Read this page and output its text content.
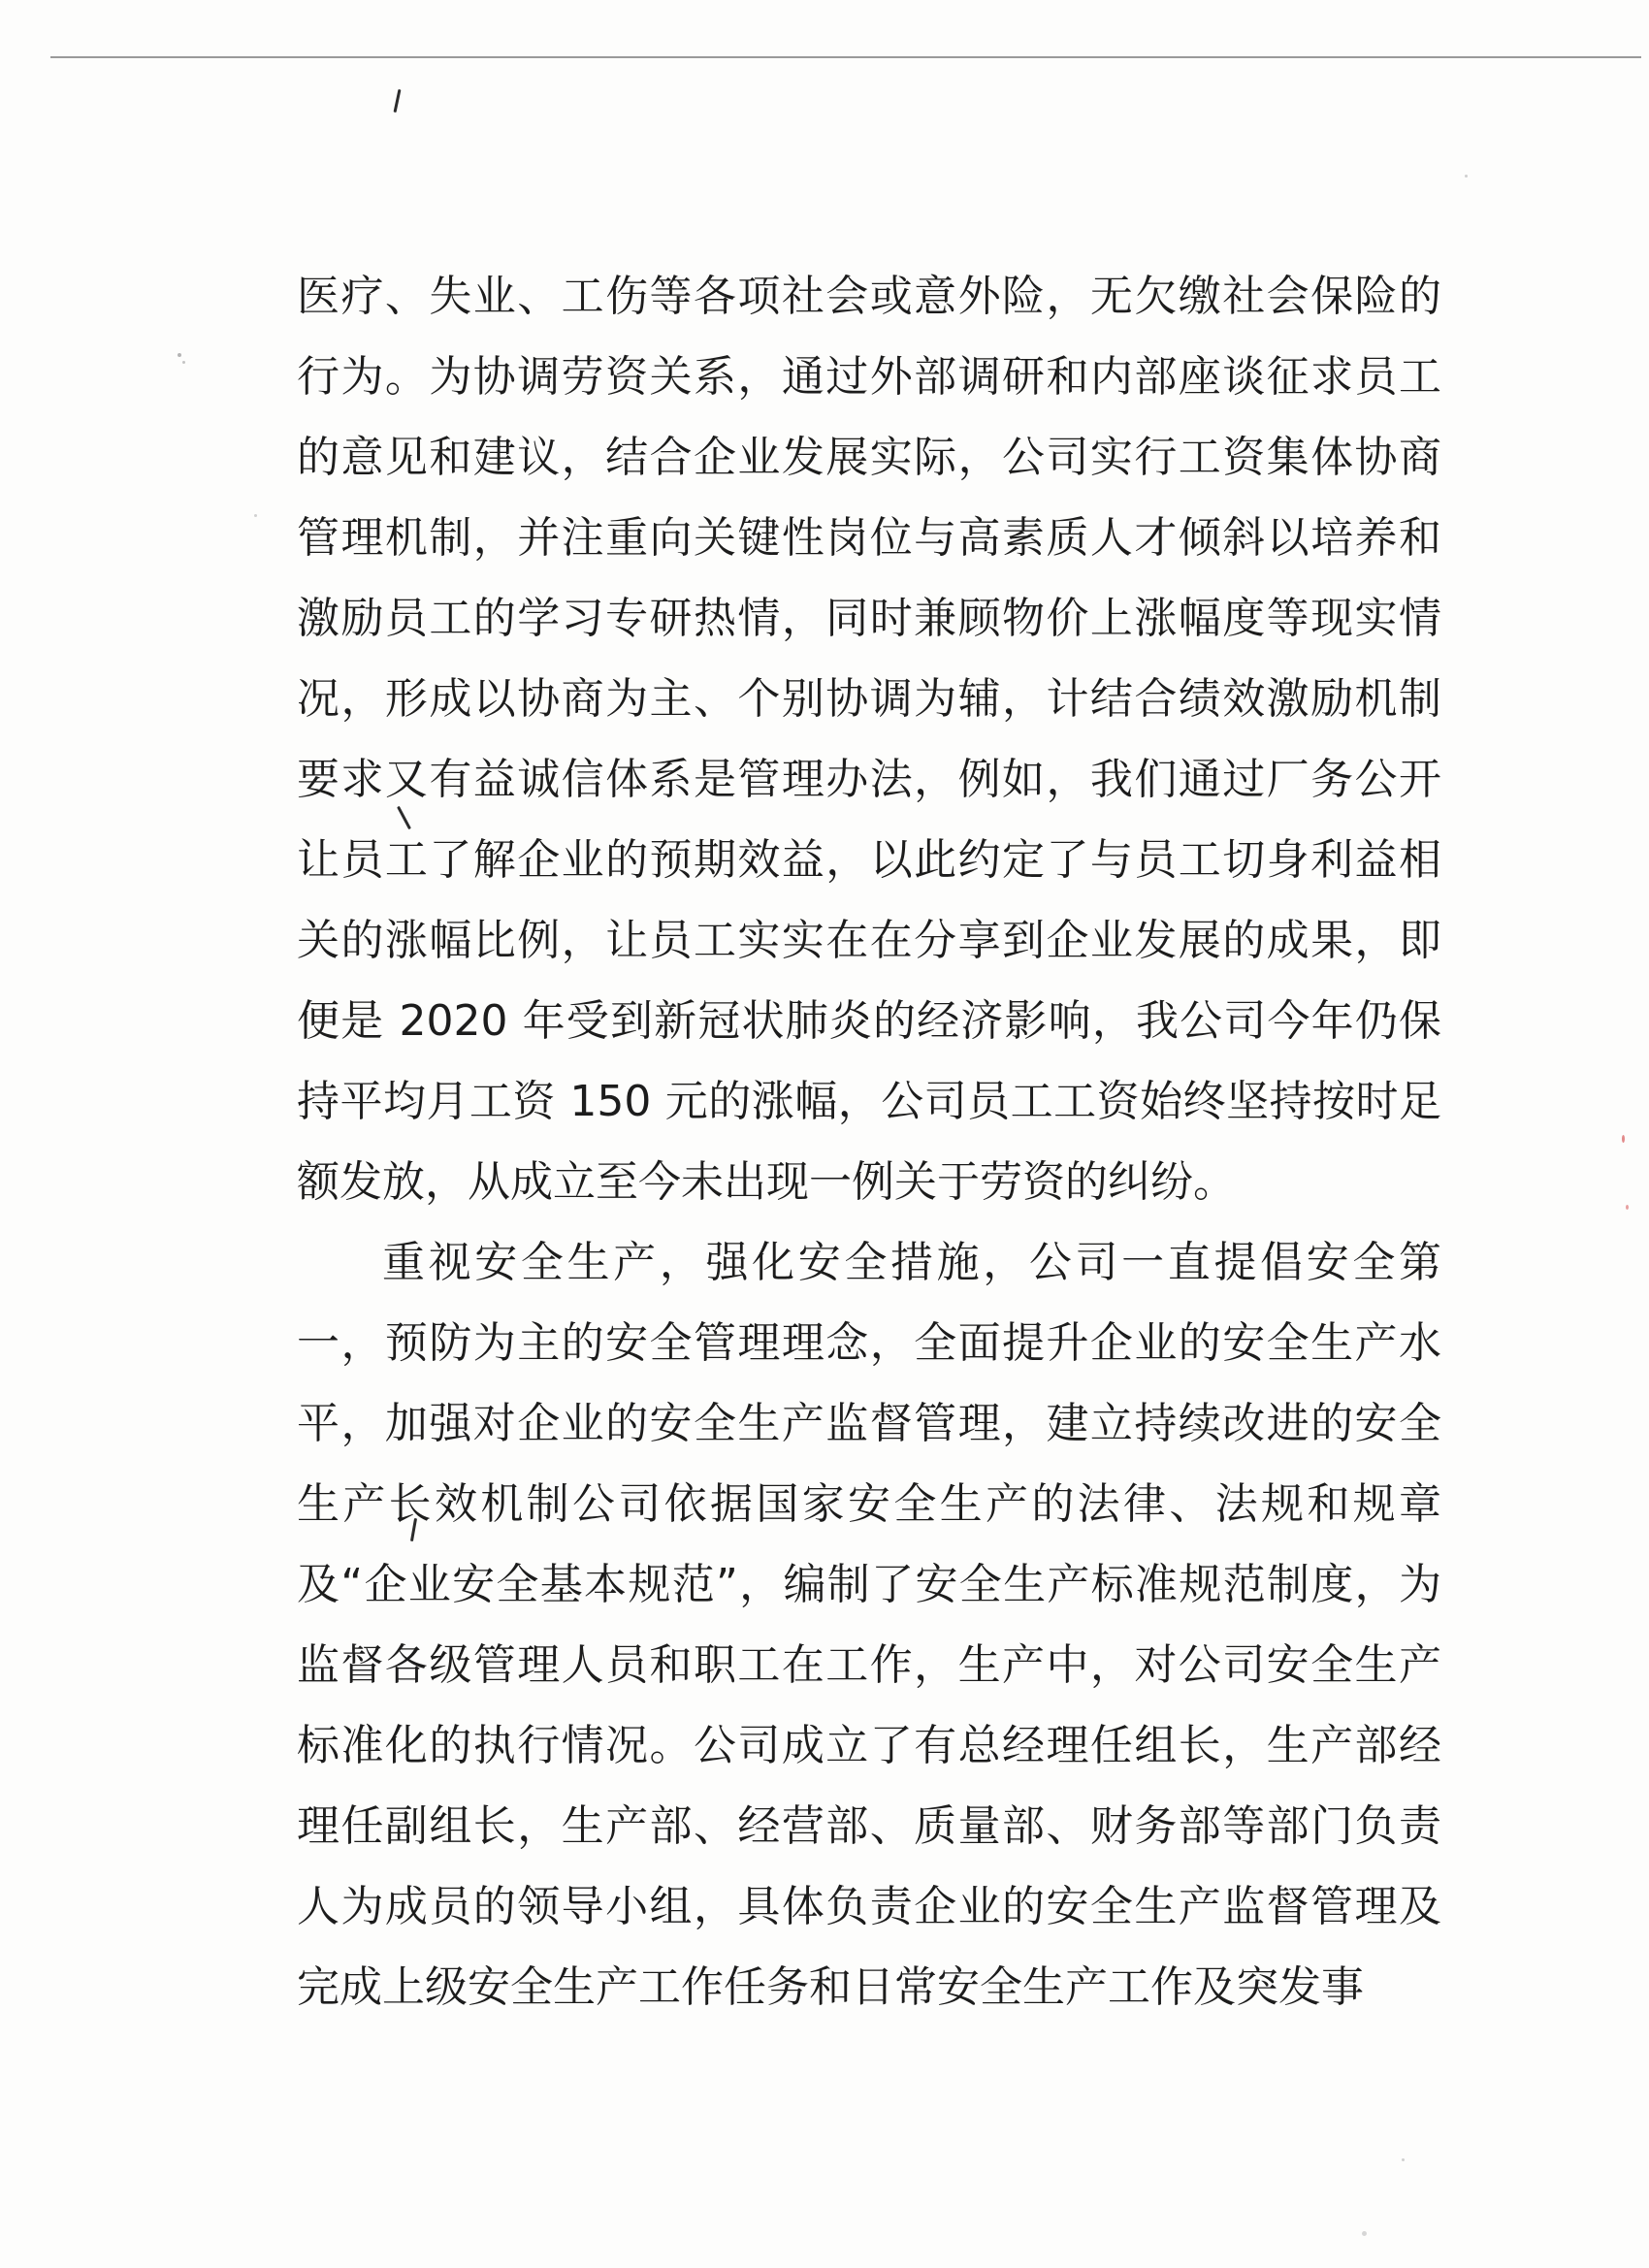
医疗、失业、工伤等各项社会或意外险，无欠缴社会保险的行为。为协调劳资关系，通过外部调研和内部座谈征求员工的意见和建议，结合企业发展实际，公司实行工资集体协商管理机制，并注重向关键性岗位与高素质人才倾斜以培养和激励员工的学习专研热情，同时兼顾物价上涨幅度等现实情况，形成以协商为主、个别协调为辅，计结合绩效激励机制要求又有益诚信体系是管理办法，例如，我们通过厂务公开让员工了解企业的预期效益，以此约定了与员工切身利益相关的涨幅比例，让员工实实在在分享到企业发展的成果，即便是 2020 年受到新冠状肺炎的经济影响，我公司今年仍保持平均月工资 150 元的涨幅，公司员工工资始终坚持按时足额发放，从成立至今未出现一例关于劳资的纠纷。

重视安全生产，强化安全措施，公司一直提倡安全第一，预防为主的安全管理理念，全面提升企业的安全生产水平，加强对企业的安全生产监督管理，建立持续改进的安全生产长效机制公司依据国家安全生产的法律、法规和规章及“企业安全基本规范”，编制了安全生产标准规范制度，为监督各级管理人员和职工在工作，生产中，对公司安全生产标准化的执行情况。公司成立了有总经理任组长，生产部经理任副组长，生产部、经营部、质量部、财务部等部门负责人为成员的领导小组，具体负责企业的安全生产监督管理及完成上级安全生产工作任务和日常安全生产工作及突发事
